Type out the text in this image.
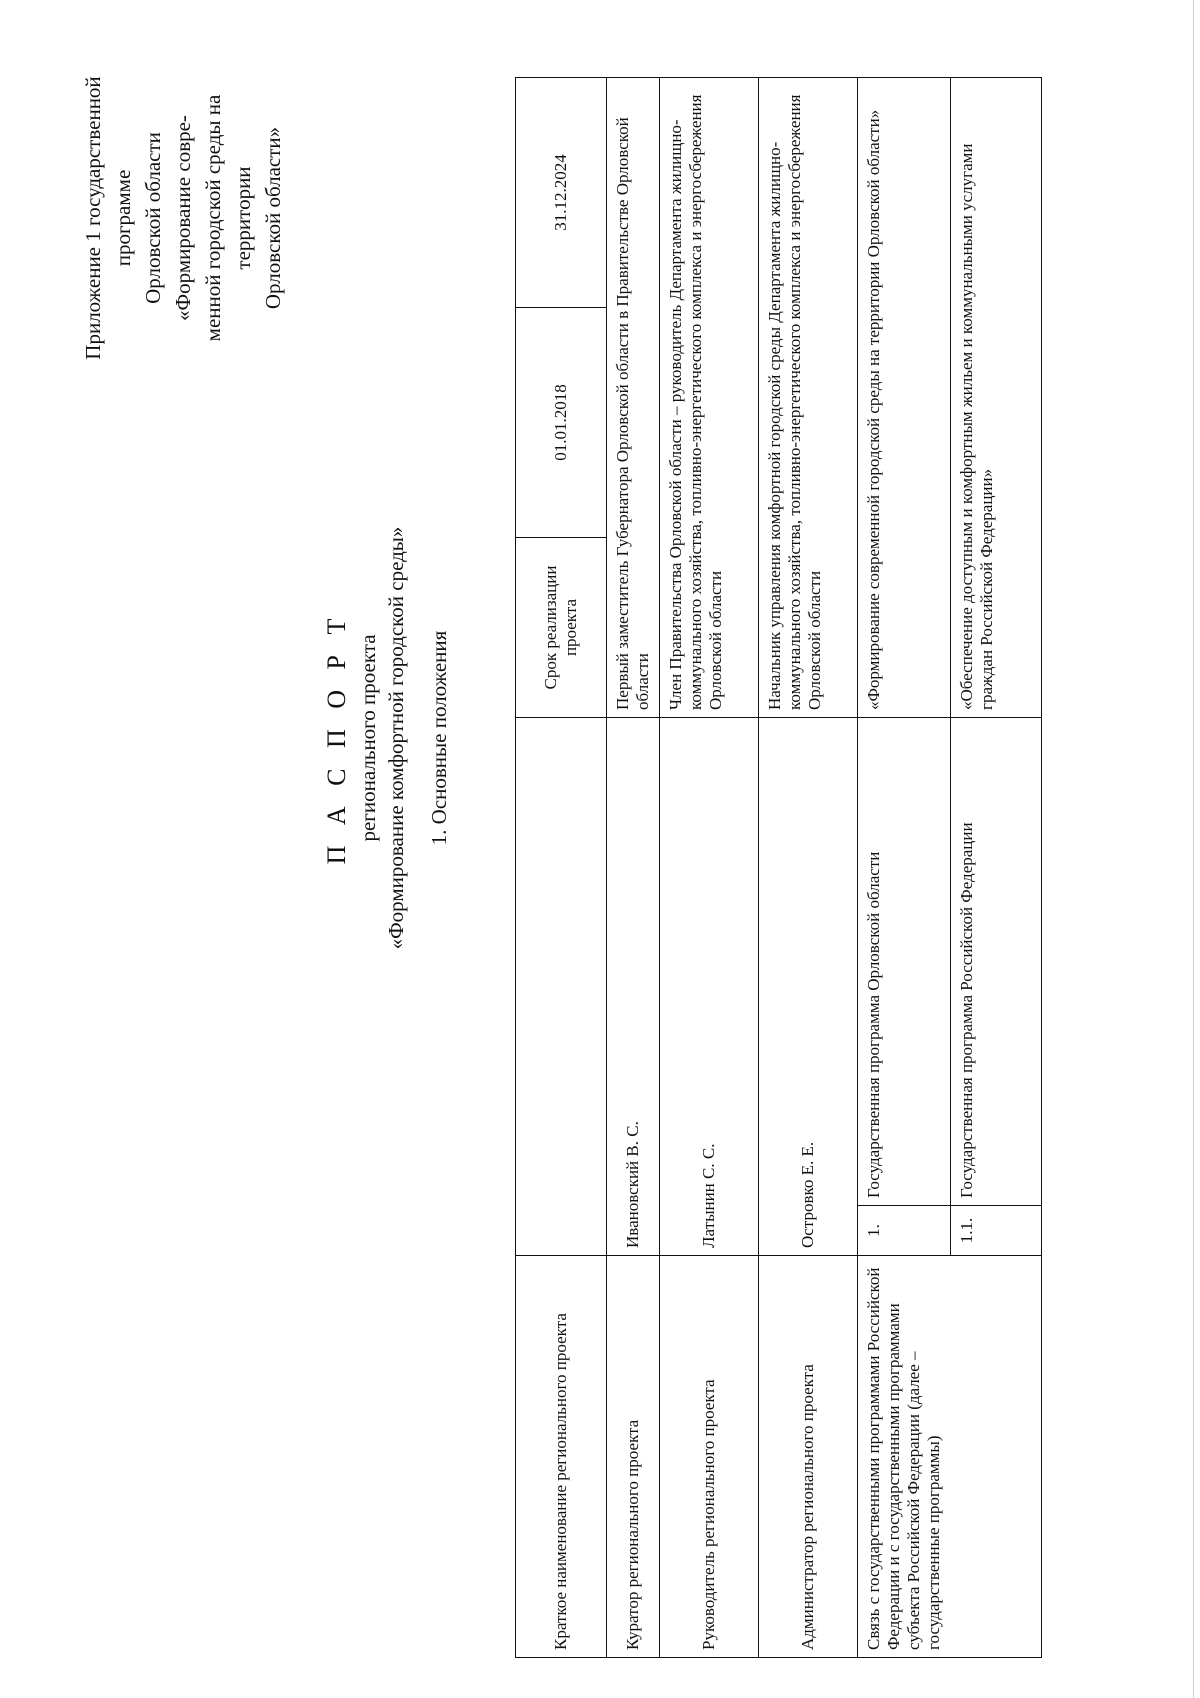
Приложение 1 государственной программе Орловской области «Формирование совре- менной городской среды на территории Орловской области»
П А С П О Р Т регионального проекта «Формирование комфортной городской среды» 1. Основные положения
Краткое наименование регионального проекта			Срок реализации проекта	01.01.2018	31.12.2024
Куратор регионального проекта	Ивановский В. С.		Первый заместитель Губернатора Орловской области в Правительстве Орловской области		
Руководитель регионального проекта	Латынин С. С.		Член Правительства Орловской области – руководитель Департамента жилищно-коммунального хозяйства, топливно-энергетического комплекса и энергосбережения Орловской области		
Администратор регионального проекта	Островко Е. Е.		Начальник управления комфортной городской среды Департамента жилищно-коммунального хозяйства, топливно-энергетического комплекса и энергосбережения Орловской области		
Связь с государственными программами Российской Федерации и с государственными программами субъекта Российской Федерации (далее – государственные программы)	1.	Государственная программа Орловской области	«Формирование современной городской среды на территории Орловской области»		
	1.1.	Государственная программа Российской Федерации	«Обеспечение доступным и комфортным жильем и коммунальными услугами граждан Российской Федерации»		
